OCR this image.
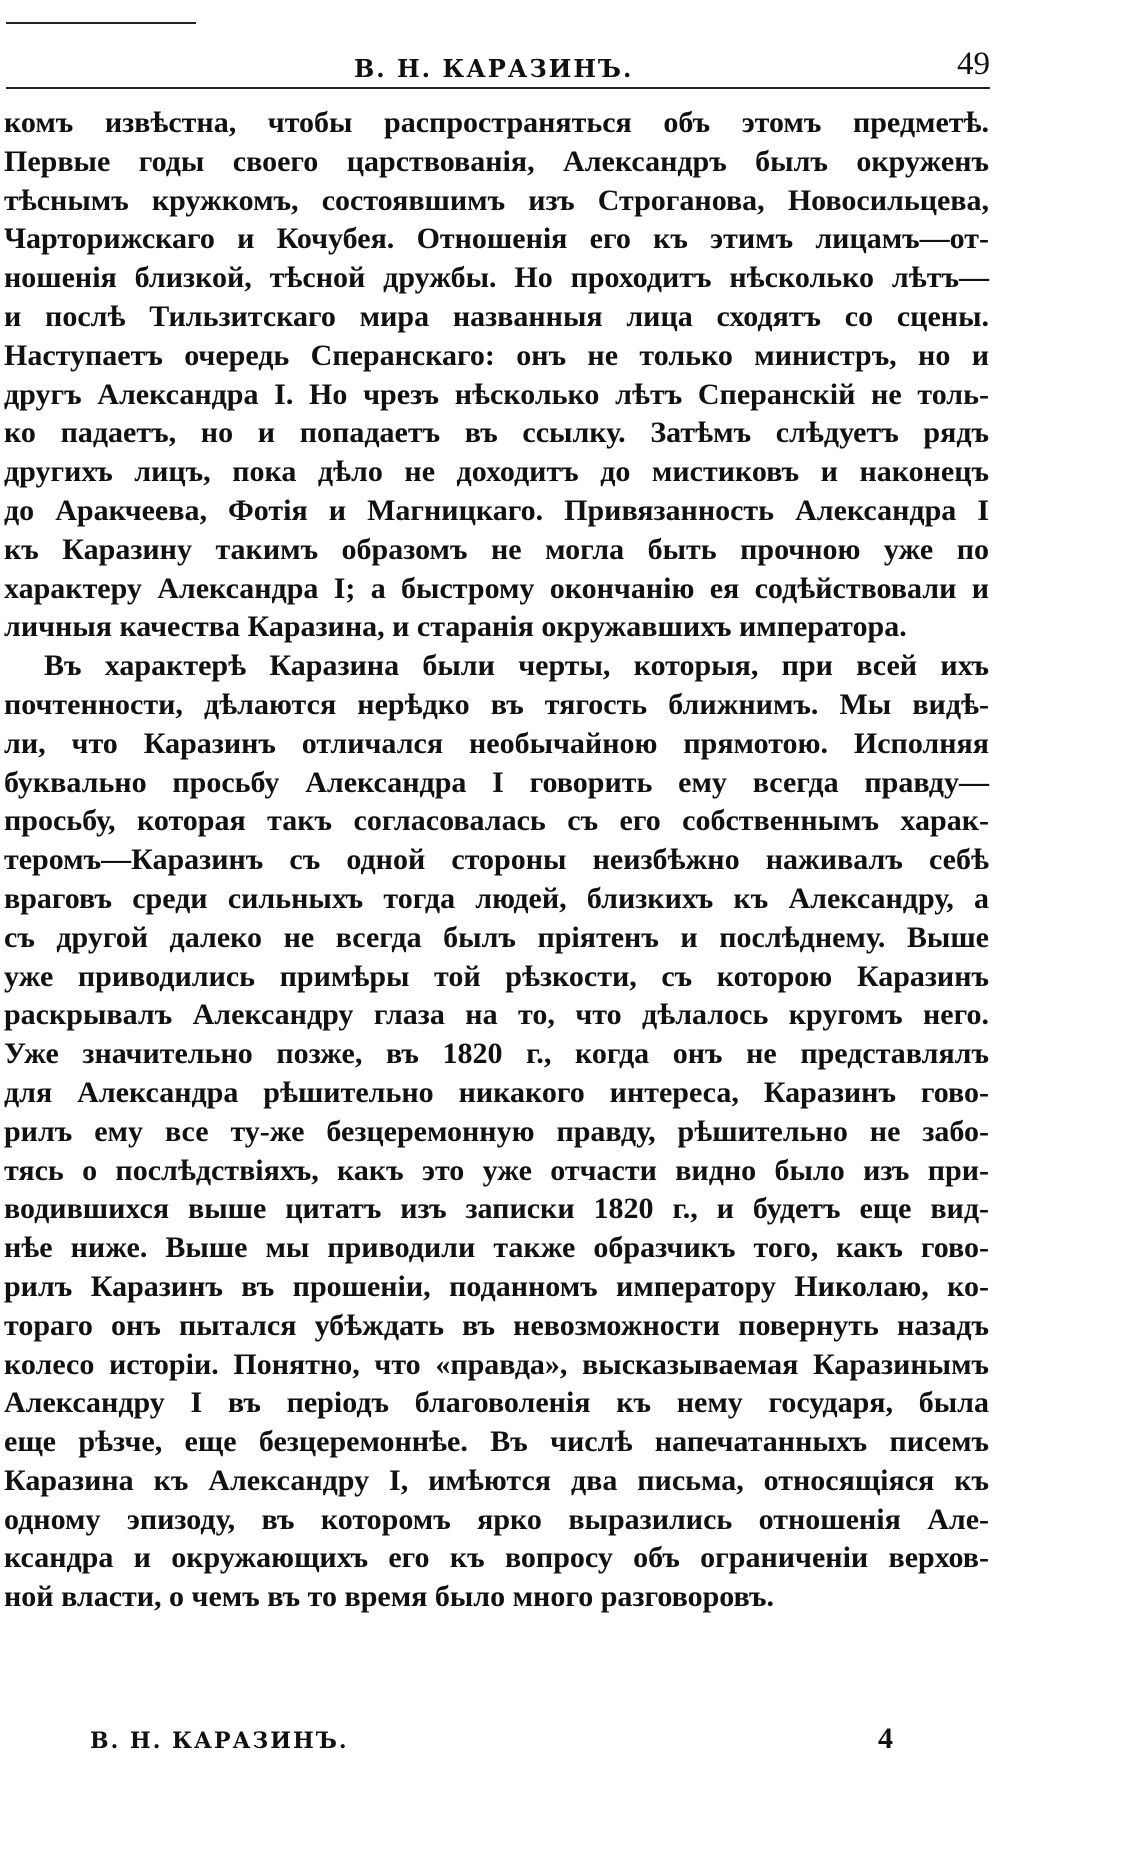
В. Н. КАРАЗИНЪ.	49
комъ извѣстна, чтобы распространяться объ этомъ предметѣ.
Первые годы своего царствованія, Александръ былъ окруженъ
тѣснымъ кружкомъ, состоявшимъ изъ Строганова, Новосильцева,
Чарторижскаго и Кочубея. Отношенія его къ этимъ лицамъ—от-
ношенія близкой, тѣсной дружбы. Но проходитъ нѣсколько лѣтъ—
и послѣ Тильзитскаго мира названныя лица сходятъ со сцены.
Наступаетъ очередь Сперанскаго: онъ не только министръ, но и
другъ Александра I. Но чрезъ нѣсколько лѣтъ Сперанскій не толь-
ко падаетъ, но и попадаетъ въ ссылку. Затѣмъ слѣдуетъ рядъ
другихъ лицъ, пока дѣло не доходитъ до мистиковъ и наконецъ
до Аракчеева, Фотія и Магницкаго. Привязанность Александра I
къ Каразину такимъ образомъ не могла быть прочною уже по
характеру Александра I; а быстрому окончанію ея содѣйствовали и
личныя качества Каразина, и старанія окружавшихъ императора.
Въ характерѣ Каразина были черты, которыя, при всей ихъ
почтенности, дѣлаются нерѣдко въ тягость ближнимъ. Мы видѣ-
ли, что Каразинъ отличался необычайною прямотою. Исполняя
буквально просьбу Александра I говорить ему всегда правду—
просьбу, которая такъ согласовалась съ его собственнымъ харак-
теромъ—Каразинъ съ одной стороны неизбѣжно наживалъ себѣ
враговъ среди сильныхъ тогда людей, близкихъ къ Александру, а
съ другой далеко не всегда былъ пріятенъ и послѣднему. Выше
уже приводились примѣры той рѣзкости, съ которою Каразинъ
раскрывалъ Александру глаза на то, что дѣлалось кругомъ него.
Уже значительно позже, въ 1820 г., когда онъ не представлялъ
для Александра рѣшительно никакого интереса, Каразинъ гово-
рилъ ему все ту-же безцеремонную правду, рѣшительно не забо-
тясь о послѣдствіяхъ, какъ это уже отчасти видно было изъ при-
водившихся выше цитатъ изъ записки 1820 г., и будетъ еще вид-
нѣе ниже. Выше мы приводили также образчикъ того, какъ гово-
рилъ Каразинъ въ прошеніи, поданномъ императору Николаю, ко-
тораго онъ пытался убѣждать въ невозможности повернуть назадъ
колесо исторіи. Понятно, что «правда», высказываемая Каразинымъ
Александру I въ періодъ благоволенія къ нему государя, была
еще рѣзче, еще безцеремоннѣе. Въ числѣ напечатанныхъ писемъ
Каразина къ Александру I, имѣются два письма, относящіяся къ
одному эпизоду, въ которомъ ярко выразились отношенія Але-
ксандра и окружающихъ его къ вопросу объ ограниченіи верхов-
ной власти, о чемъ въ то время было много разговоровъ.
В. Н. КАРАЗИНЪ.	4
